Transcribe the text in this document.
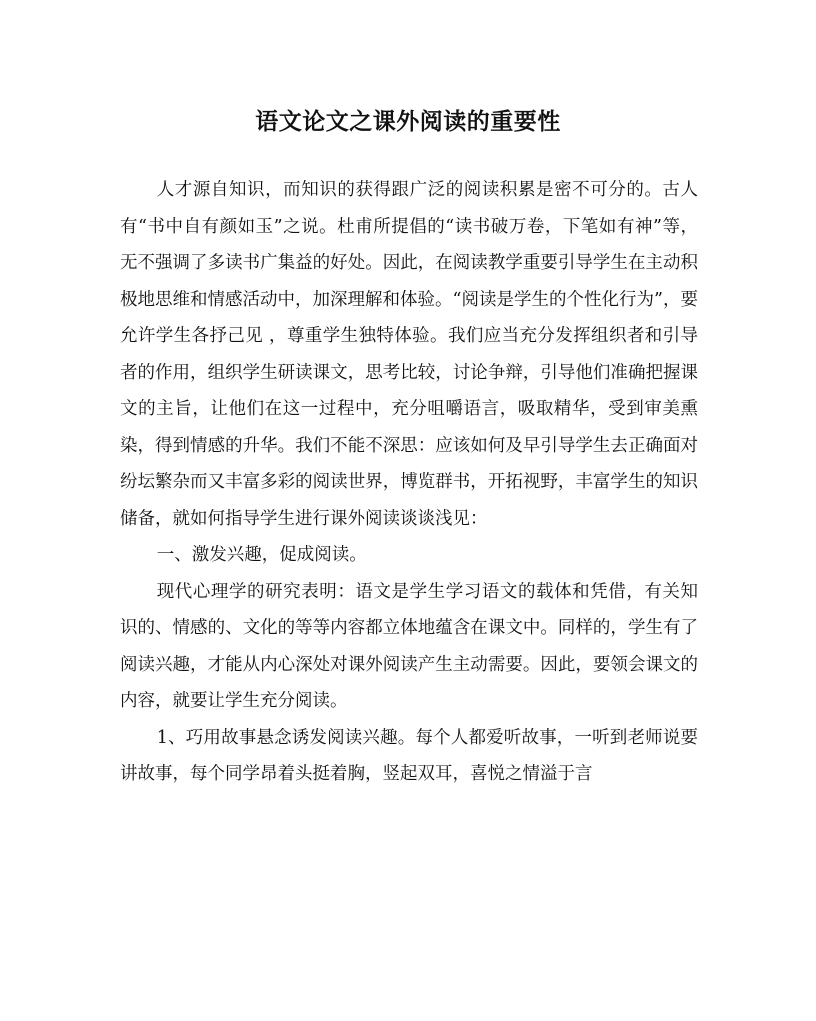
语文论文之课外阅读的重要性

人才源自知识，而知识的获得跟广泛的阅读积累是密不可分的。古人有“书中自有颜如玉”之说。杜甫所提倡的“读书破万卷，下笔如有神”等，无不强调了多读书广集益的好处。因此，在阅读教学重要引导学生在主动积极地思维和情感活动中，加深理解和体验。“阅读是学生的个性化行为”，要允许学生各抒己见 ，尊重学生独特体验。我们应当充分发挥组织者和引导者的作用，组织学生研读课文，思考比较，讨论争辩，引导他们准确把握课文的主旨，让他们在这一过程中，充分咀嚼语言，吸取精华，受到审美熏染，得到情感的升华。我们不能不深思：应该如何及早引导学生去正确面对纷坛繁杂而又丰富多彩的阅读世界，博览群书，开拓视野，丰富学生的知识储备，就如何指导学生进行课外阅读谈谈浅见：

一、激发兴趣，促成阅读。

现代心理学的研究表明：语文是学生学习语文的载体和凭借，有关知识的、情感的、文化的等等内容都立体地蕴含在课文中。同样的，学生有了阅读兴趣，才能从内心深处对课外阅读产生主动需要。因此，要领会课文的内容，就要让学生充分阅读。

1、巧用故事悬念诱发阅读兴趣。每个人都爱听故事，一听到老师说要讲故事，每个同学昂着头挺着胸，竖起双耳，喜悦之情溢于言
